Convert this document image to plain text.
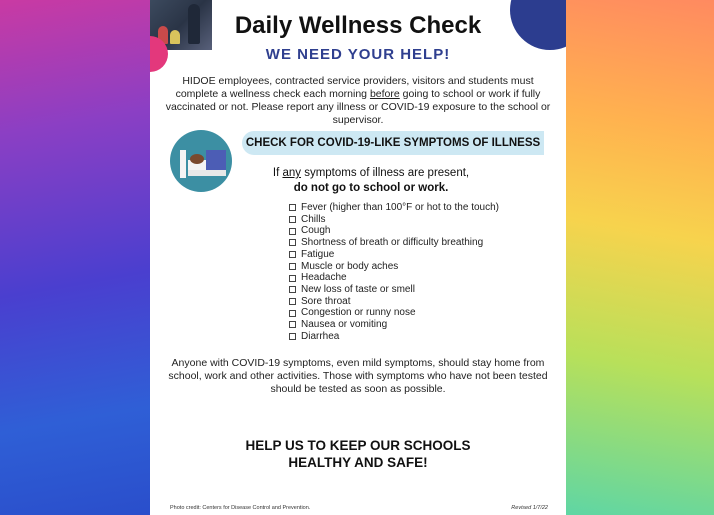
Daily Wellness Check
WE NEED YOUR HELP!
HIDOE employees, contracted service providers, visitors and students must complete a wellness check each morning before going to school or work if fully vaccinated or not. Please report any illness or COVID-19 exposure to the school or supervisor.
CHECK FOR COVID-19-LIKE SYMPTOMS OF ILLNESS
If any symptoms of illness are present,
do not go to school or work.
Fever (higher than 100°F or hot to the touch)
Chills
Cough
Shortness of breath or difficulty breathing
Fatigue
Muscle or body aches
Headache
New loss of taste or smell
Sore throat
Congestion or runny nose
Nausea or vomiting
Diarrhea
Anyone with COVID-19 symptoms, even mild symptoms, should stay home from school, work and other activities. Those with symptoms who have not been tested should be tested as soon as possible.
HELP US TO KEEP OUR SCHOOLS
HEALTHY AND SAFE!
Photo credit: Centers for Disease Control and Prevention.	Revised 1/7/22
